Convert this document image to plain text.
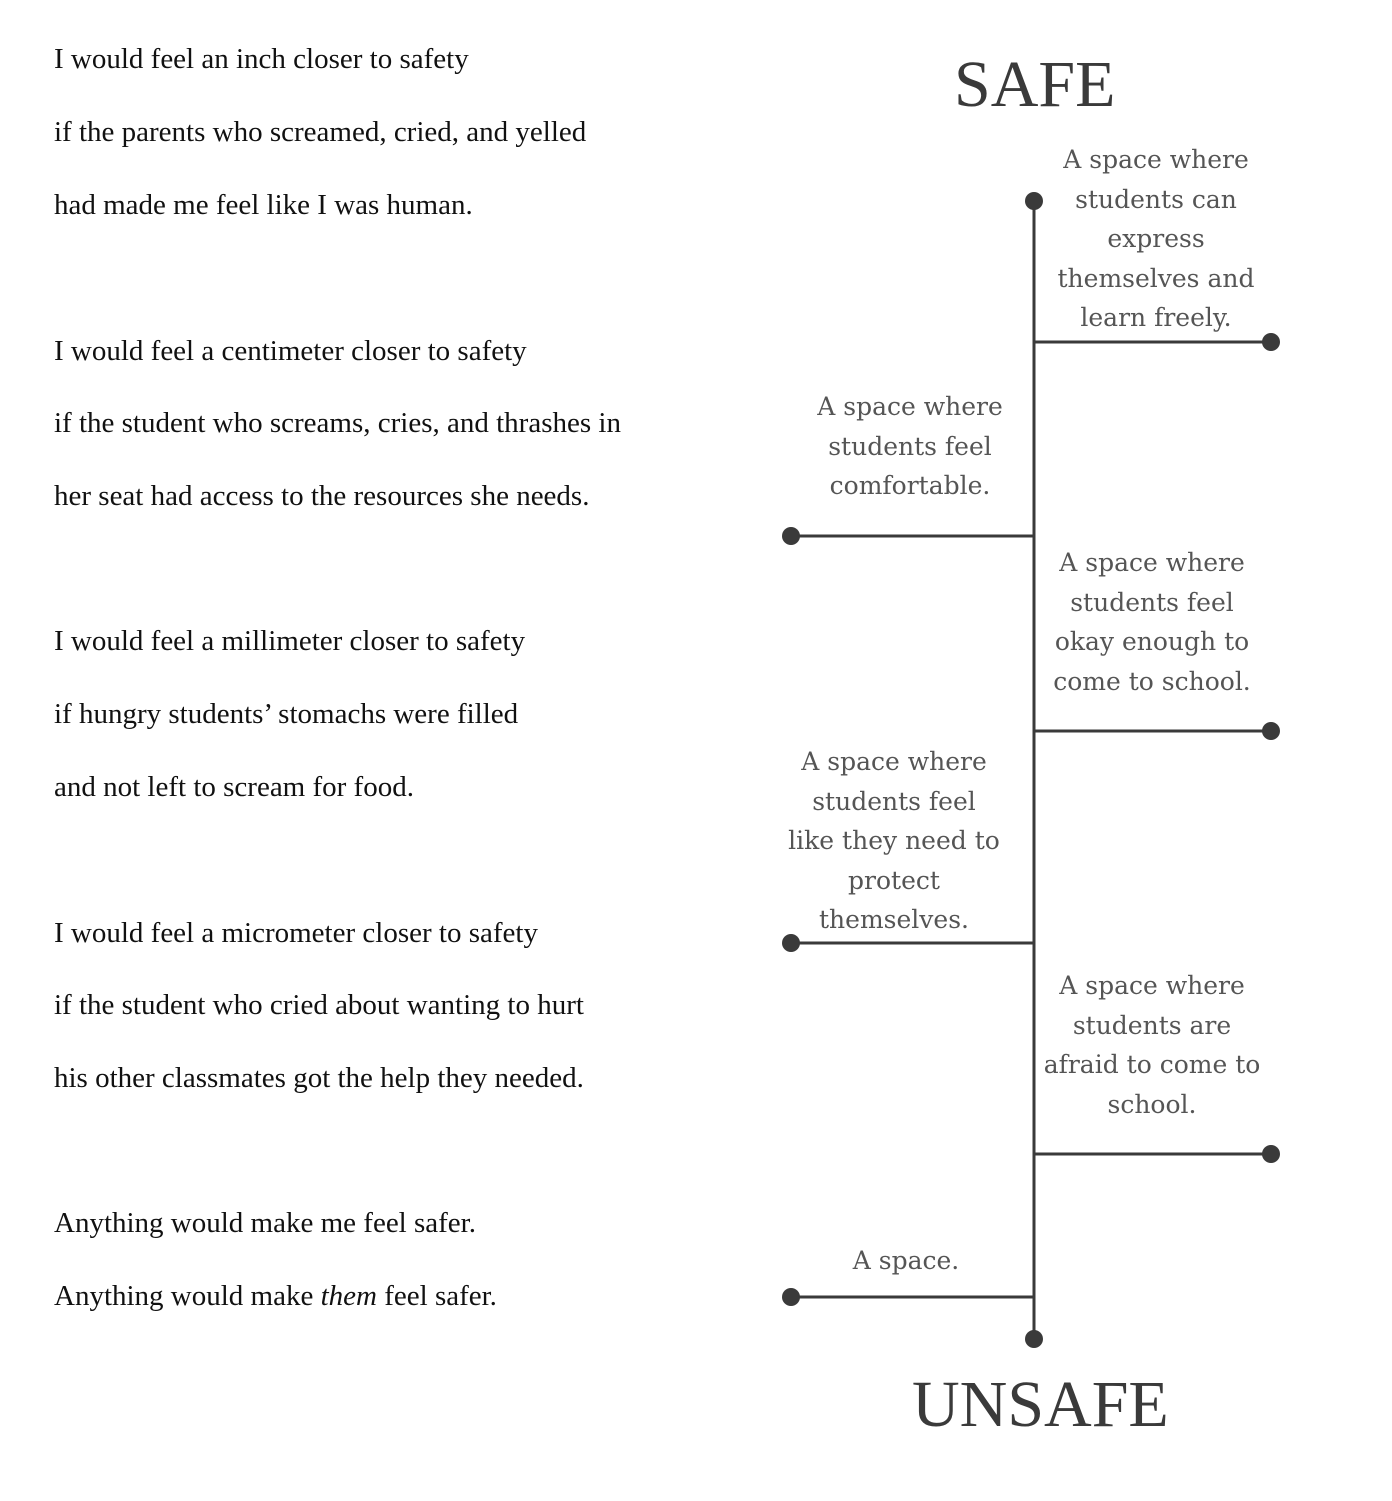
I would feel an inch closer to safety
if the parents who screamed, cried, and yelled
had made me feel like I was human.
I would feel a centimeter closer to safety
if the student who screams, cries, and thrashes in
her seat had access to the resources she needs.
I would feel a millimeter closer to safety
if hungry students’ stomachs were filled
and not left to scream for food.
I would feel a micrometer closer to safety
if the student who cried about wanting to hurt
his other classmates got the help they needed.
Anything would make me feel safer.
Anything would make them feel safer.
SAFE
UNSAFE
A space where
students can
express
themselves and
learn freely.
A space where
students feel
comfortable.
A space where
students feel
okay enough to
come to school.
A space where
students feel
like they need to
protect
themselves.
A space where
students are
afraid to come to
school.
A space.
